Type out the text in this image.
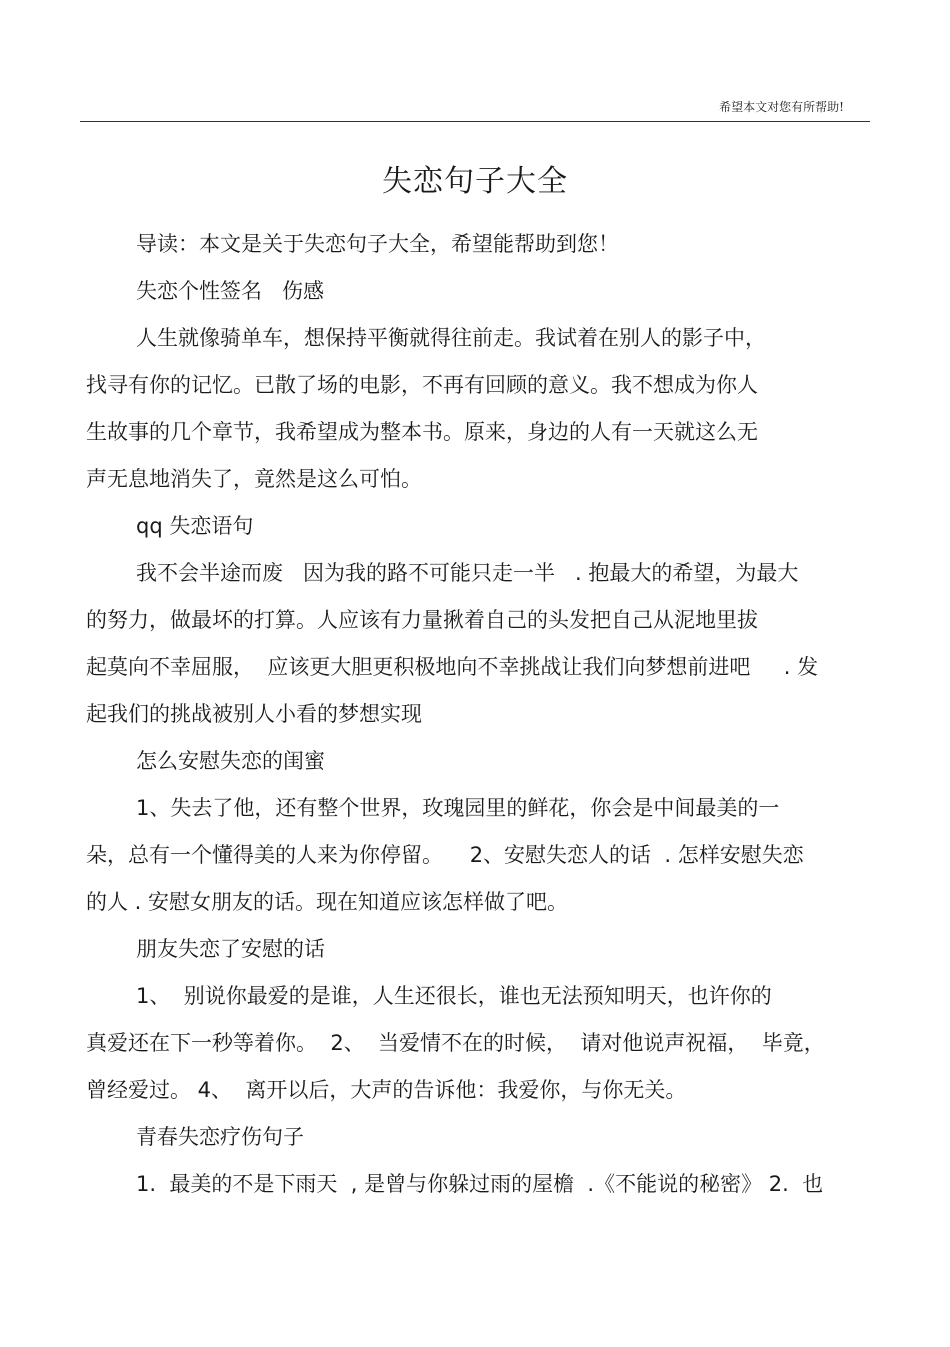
希望本文对您有所帮助!
失恋句子大全
导读：本文是关于失恋句子大全，希望能帮助到您！
失恋个性签名   伤感
人生就像骑单车，想保持平衡就得往前走。我试着在别人的影子中，
找寻有你的记忆。已散了场的电影，不再有回顾的意义。我不想成为你人
生故事的几个章节，我希望成为整本书。原来，身边的人有一天就这么无
声无息地消失了，竟然是这么可怕。
qq 失恋语句
我不会半途而废   因为我的路不可能只走一半   . 抱最大的希望，为最大
的努力，做最坏的打算。人应该有力量揪着自己的头发把自己从泥地里拔
起莫向不幸屈服，  应该更大胆更积极地向不幸挑战让我们向梦想前进吧     . 发
起我们的挑战被别人小看的梦想实现
怎么安慰失恋的闺蜜
1、失去了他，还有整个世界，玫瑰园里的鲜花，你会是中间最美的一
朵，总有一个懂得美的人来为你停留。    2、安慰失恋人的话  . 怎样安慰失恋
的人 . 安慰女朋友的话。现在知道应该怎样做了吧。
朋友失恋了安慰的话
1、  别说你最爱的是谁，人生还很长，谁也无法预知明天，也许你的
真爱还在下一秒等着你。  2、  当爱情不在的时候，  请对他说声祝福，  毕竟，
曾经爱过。 4、  离开以后，大声的告诉他：我爱你，与你无关。
青春失恋疗伤句子
1.  最美的不是下雨天  , 是曾与你躲过雨的屋檐  .《不能说的秘密》 2.  也
